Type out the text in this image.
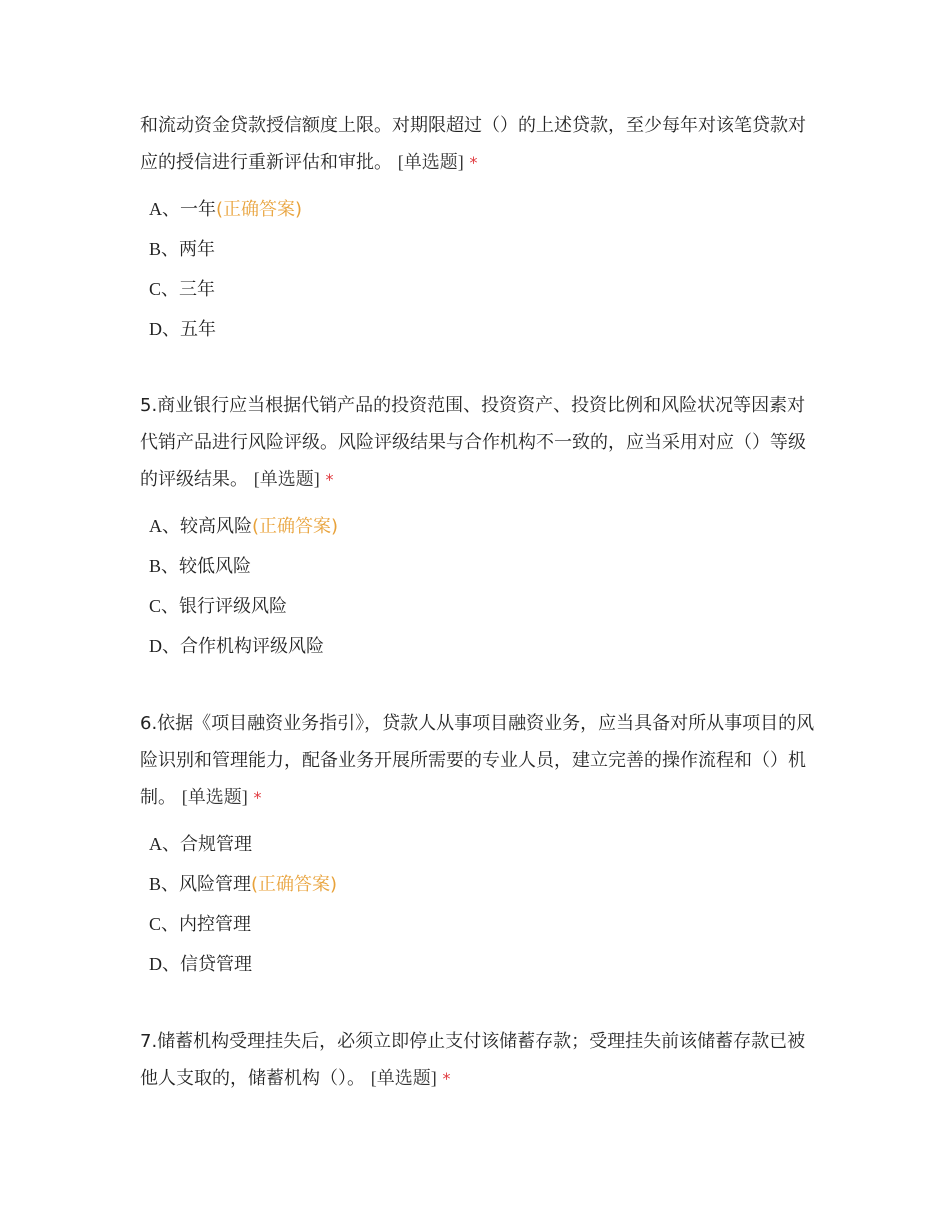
和流动资金贷款授信额度上限。对期限超过（）的上述贷款，至少每年对该笔贷款对应的授信进行重新评估和审批。 [单选题] *

A、一年(正确答案)
B、两年
C、三年
D、五年

5.商业银行应当根据代销产品的投资范围、投资资产、投资比例和风险状况等因素对代销产品进行风险评级。风险评级结果与合作机构不一致的，应当采用对应（）等级的评级结果。 [单选题] *

A、较高风险(正确答案)
B、较低风险
C、银行评级风险
D、合作机构评级风险

6.依据《项目融资业务指引》，贷款人从事项目融资业务，应当具备对所从事项目的风险识别和管理能力，配备业务开展所需要的专业人员，建立完善的操作流程和（）机制。 [单选题] *

A、合规管理
B、风险管理(正确答案)
C、内控管理
D、信贷管理

7.储蓄机构受理挂失后，必须立即停止支付该储蓄存款；受理挂失前该储蓄存款已被他人支取的，储蓄机构（）。 [单选题] *
